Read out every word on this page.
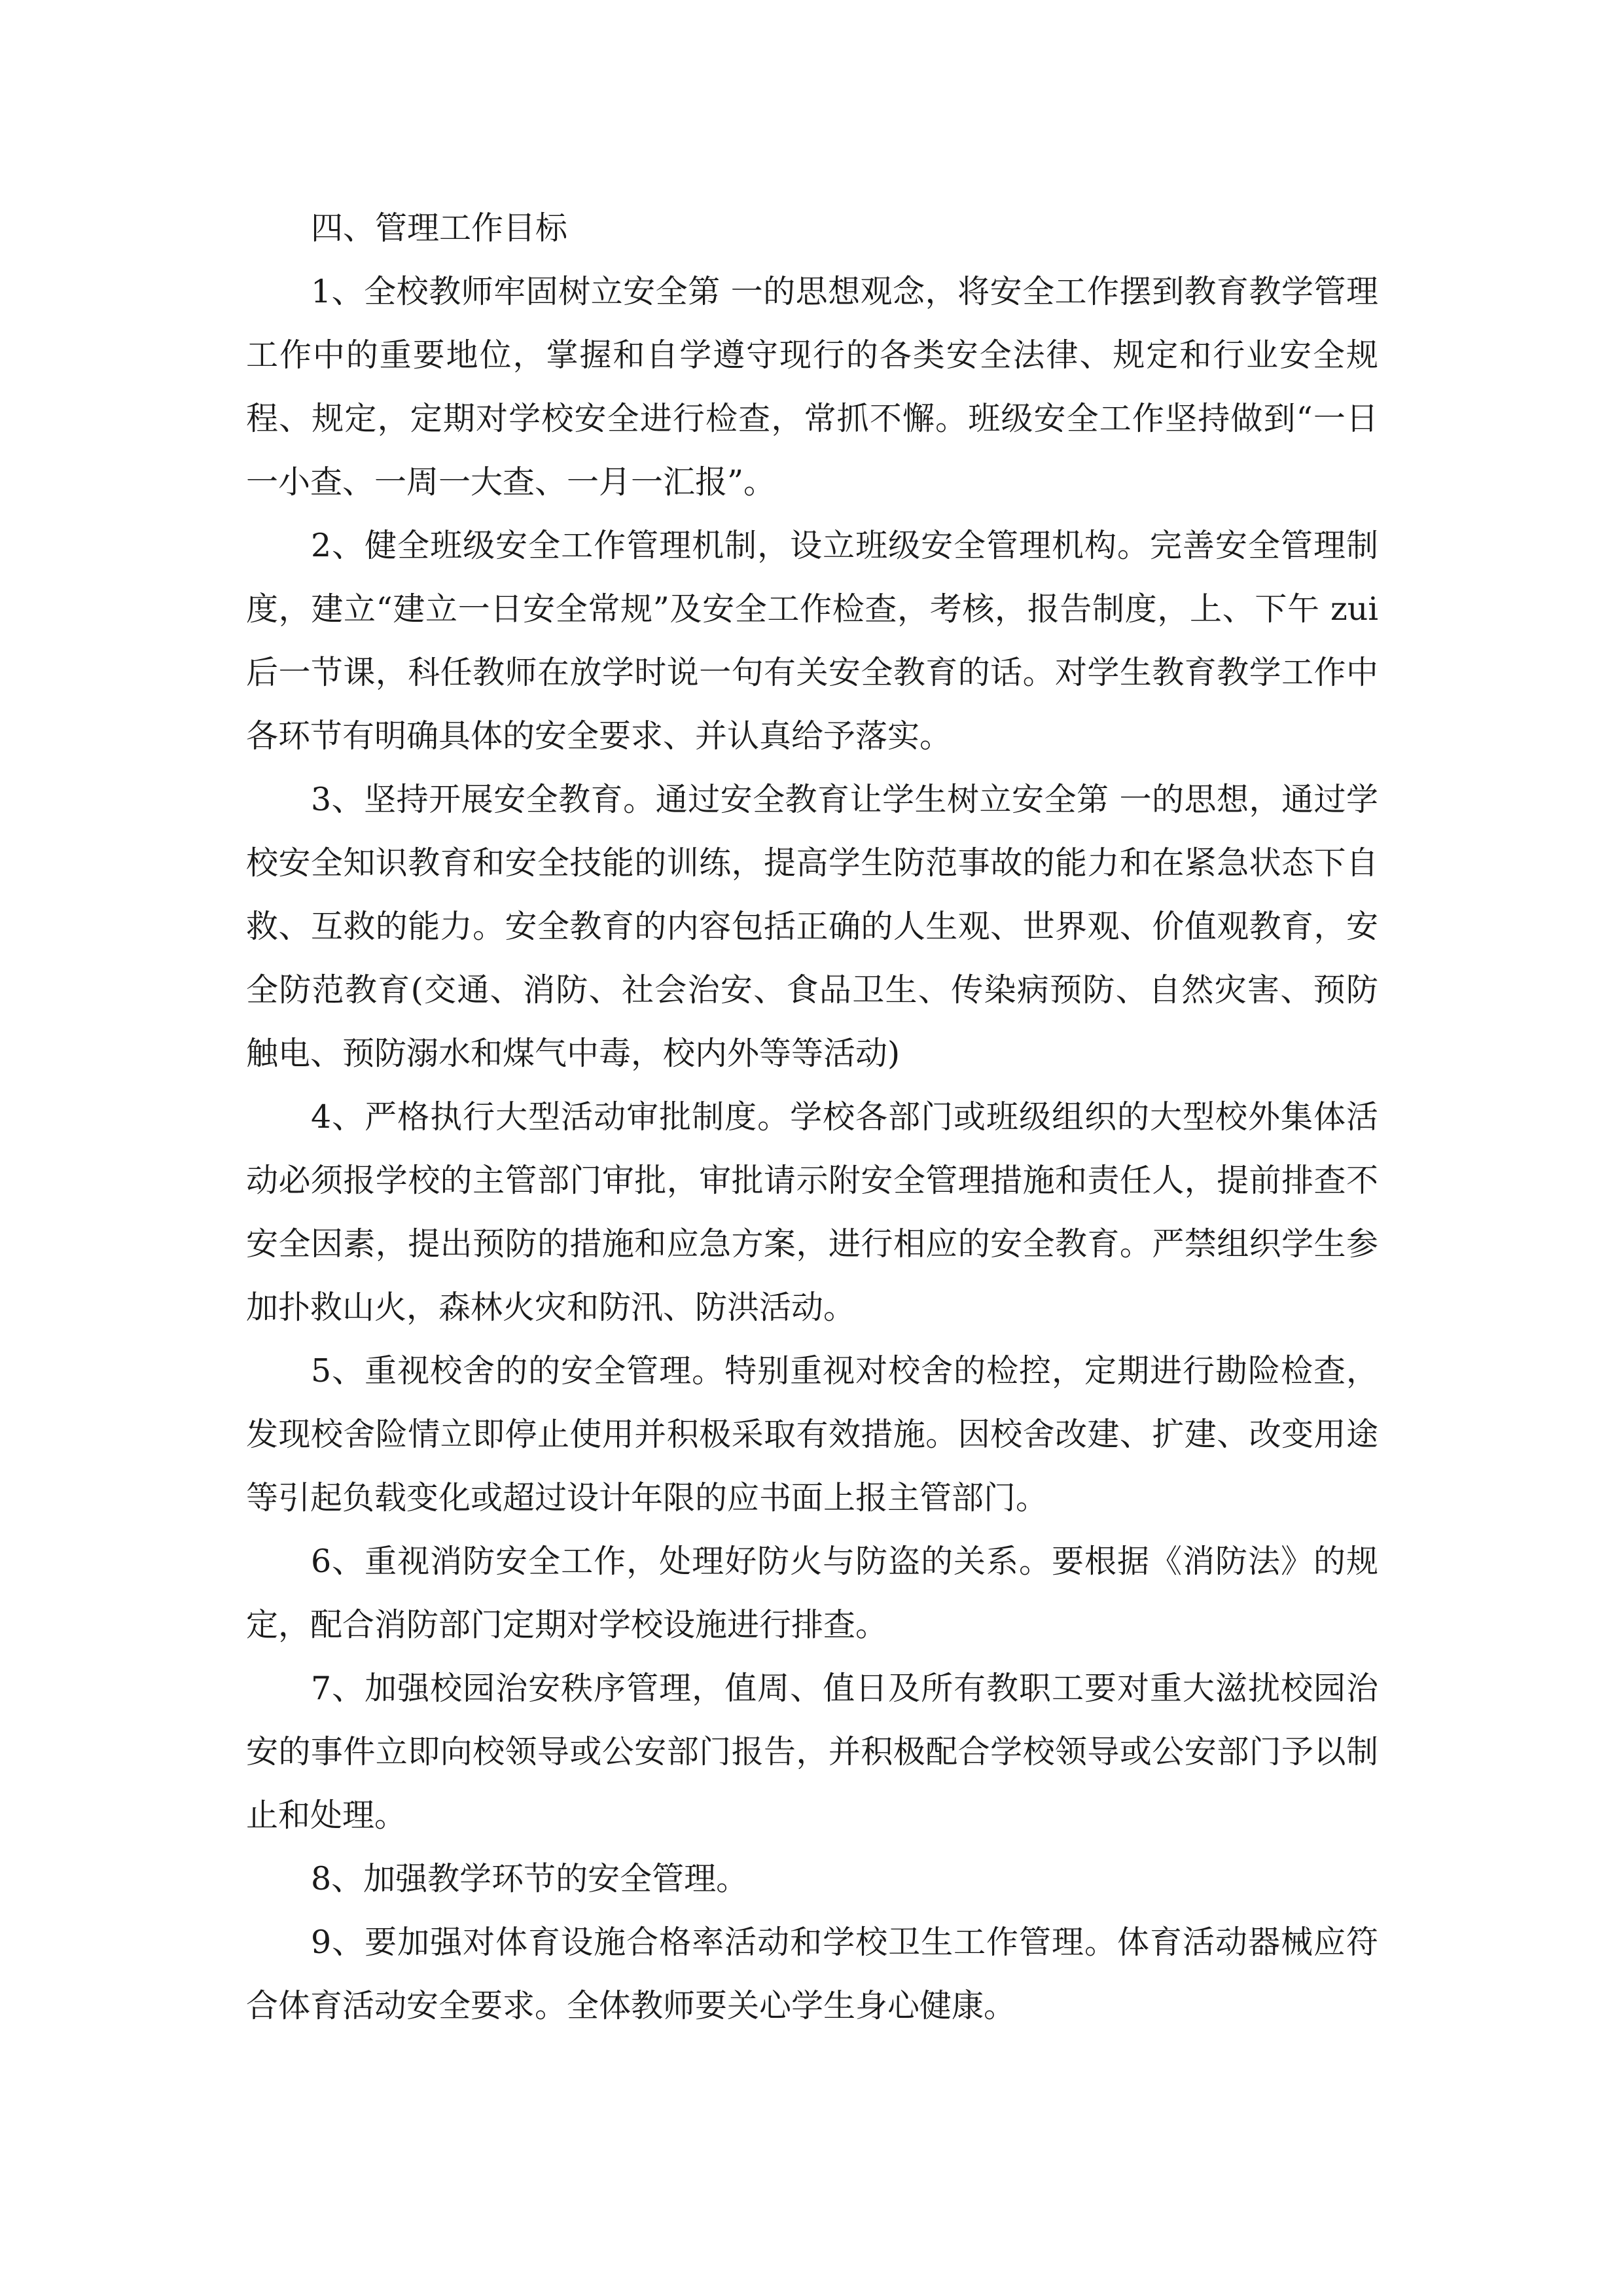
四、管理工作目标

1、全校教师牢固树立安全第 一的思想观念，将安全工作摆到教育教学管理工作中的重要地位，掌握和自学遵守现行的各类安全法律、规定和行业安全规程、规定，定期对学校安全进行检查，常抓不懈。班级安全工作坚持做到“一日一小查、一周一大查、一月一汇报”。

2、健全班级安全工作管理机制，设立班级安全管理机构。完善安全管理制度，建立“建立一日安全常规”及安全工作检查，考核，报告制度，上、下午 zui 后一节课，科任教师在放学时说一句有关安全教育的话。对学生教育教学工作中各环节有明确具体的安全要求、并认真给予落实。

3、坚持开展安全教育。通过安全教育让学生树立安全第 一的思想，通过学校安全知识教育和安全技能的训练，提高学生防范事故的能力和在紧急状态下自救、互救的能力。安全教育的内容包括正确的人生观、世界观、价值观教育，安全防范教育(交通、消防、社会治安、食品卫生、传染病预防、自然灾害、预防触电、预防溺水和煤气中毒，校内外等等活动)

4、严格执行大型活动审批制度。学校各部门或班级组织的大型校外集体活动必须报学校的主管部门审批，审批请示附安全管理措施和责任人，提前排查不安全因素，提出预防的措施和应急方案，进行相应的安全教育。严禁组织学生参加扑救山火，森林火灾和防汛、防洪活动。

5、重视校舍的的安全管理。特别重视对校舍的检控，定期进行勘险检查，发现校舍险情立即停止使用并积极采取有效措施。因校舍改建、扩建、改变用途等引起负载变化或超过设计年限的应书面上报主管部门。

6、重视消防安全工作，处理好防火与防盗的关系。要根据《消防法》的规定，配合消防部门定期对学校设施进行排查。

7、加强校园治安秩序管理，值周、值日及所有教职工要对重大滋扰校园治安的事件立即向校领导或公安部门报告，并积极配合学校领导或公安部门予以制止和处理。

8、加强教学环节的安全管理。

9、要加强对体育设施合格率活动和学校卫生工作管理。体育活动器械应符合体育活动安全要求。全体教师要关心学生身心健康。
